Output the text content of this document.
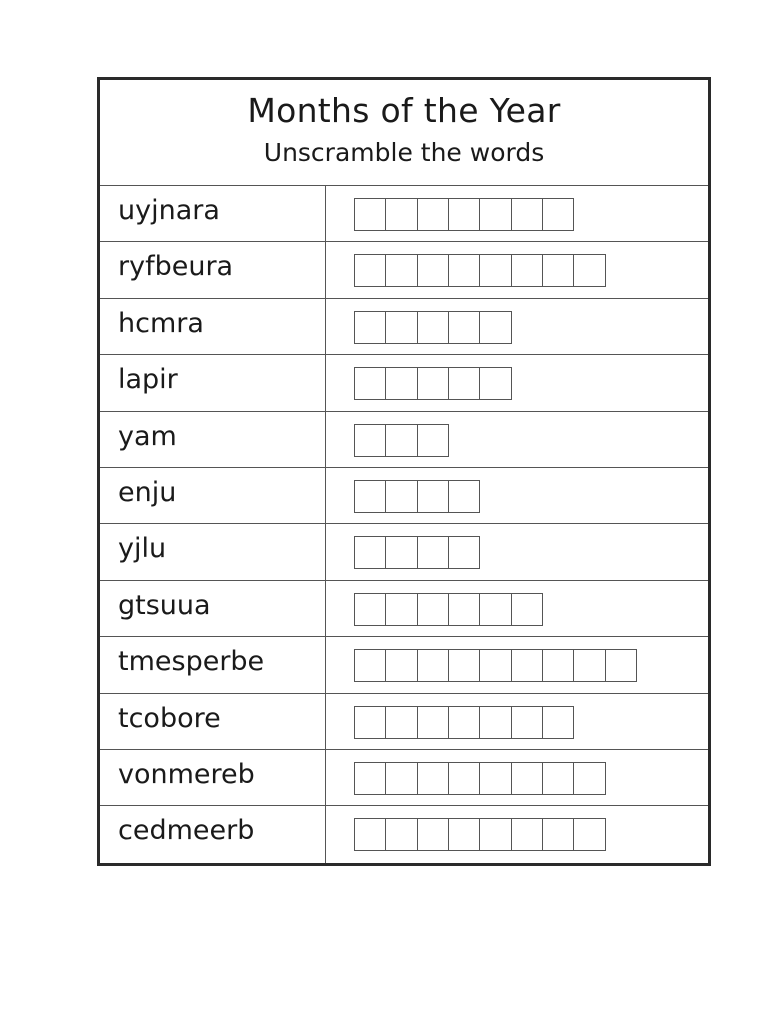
Months of the Year
Unscramble the words
uyjnara
ryfbeura
hcmra
lapir
yam
enju
yjlu
gtsuua
tmesperbe
tcobore
vonmereb
cedmeerb
